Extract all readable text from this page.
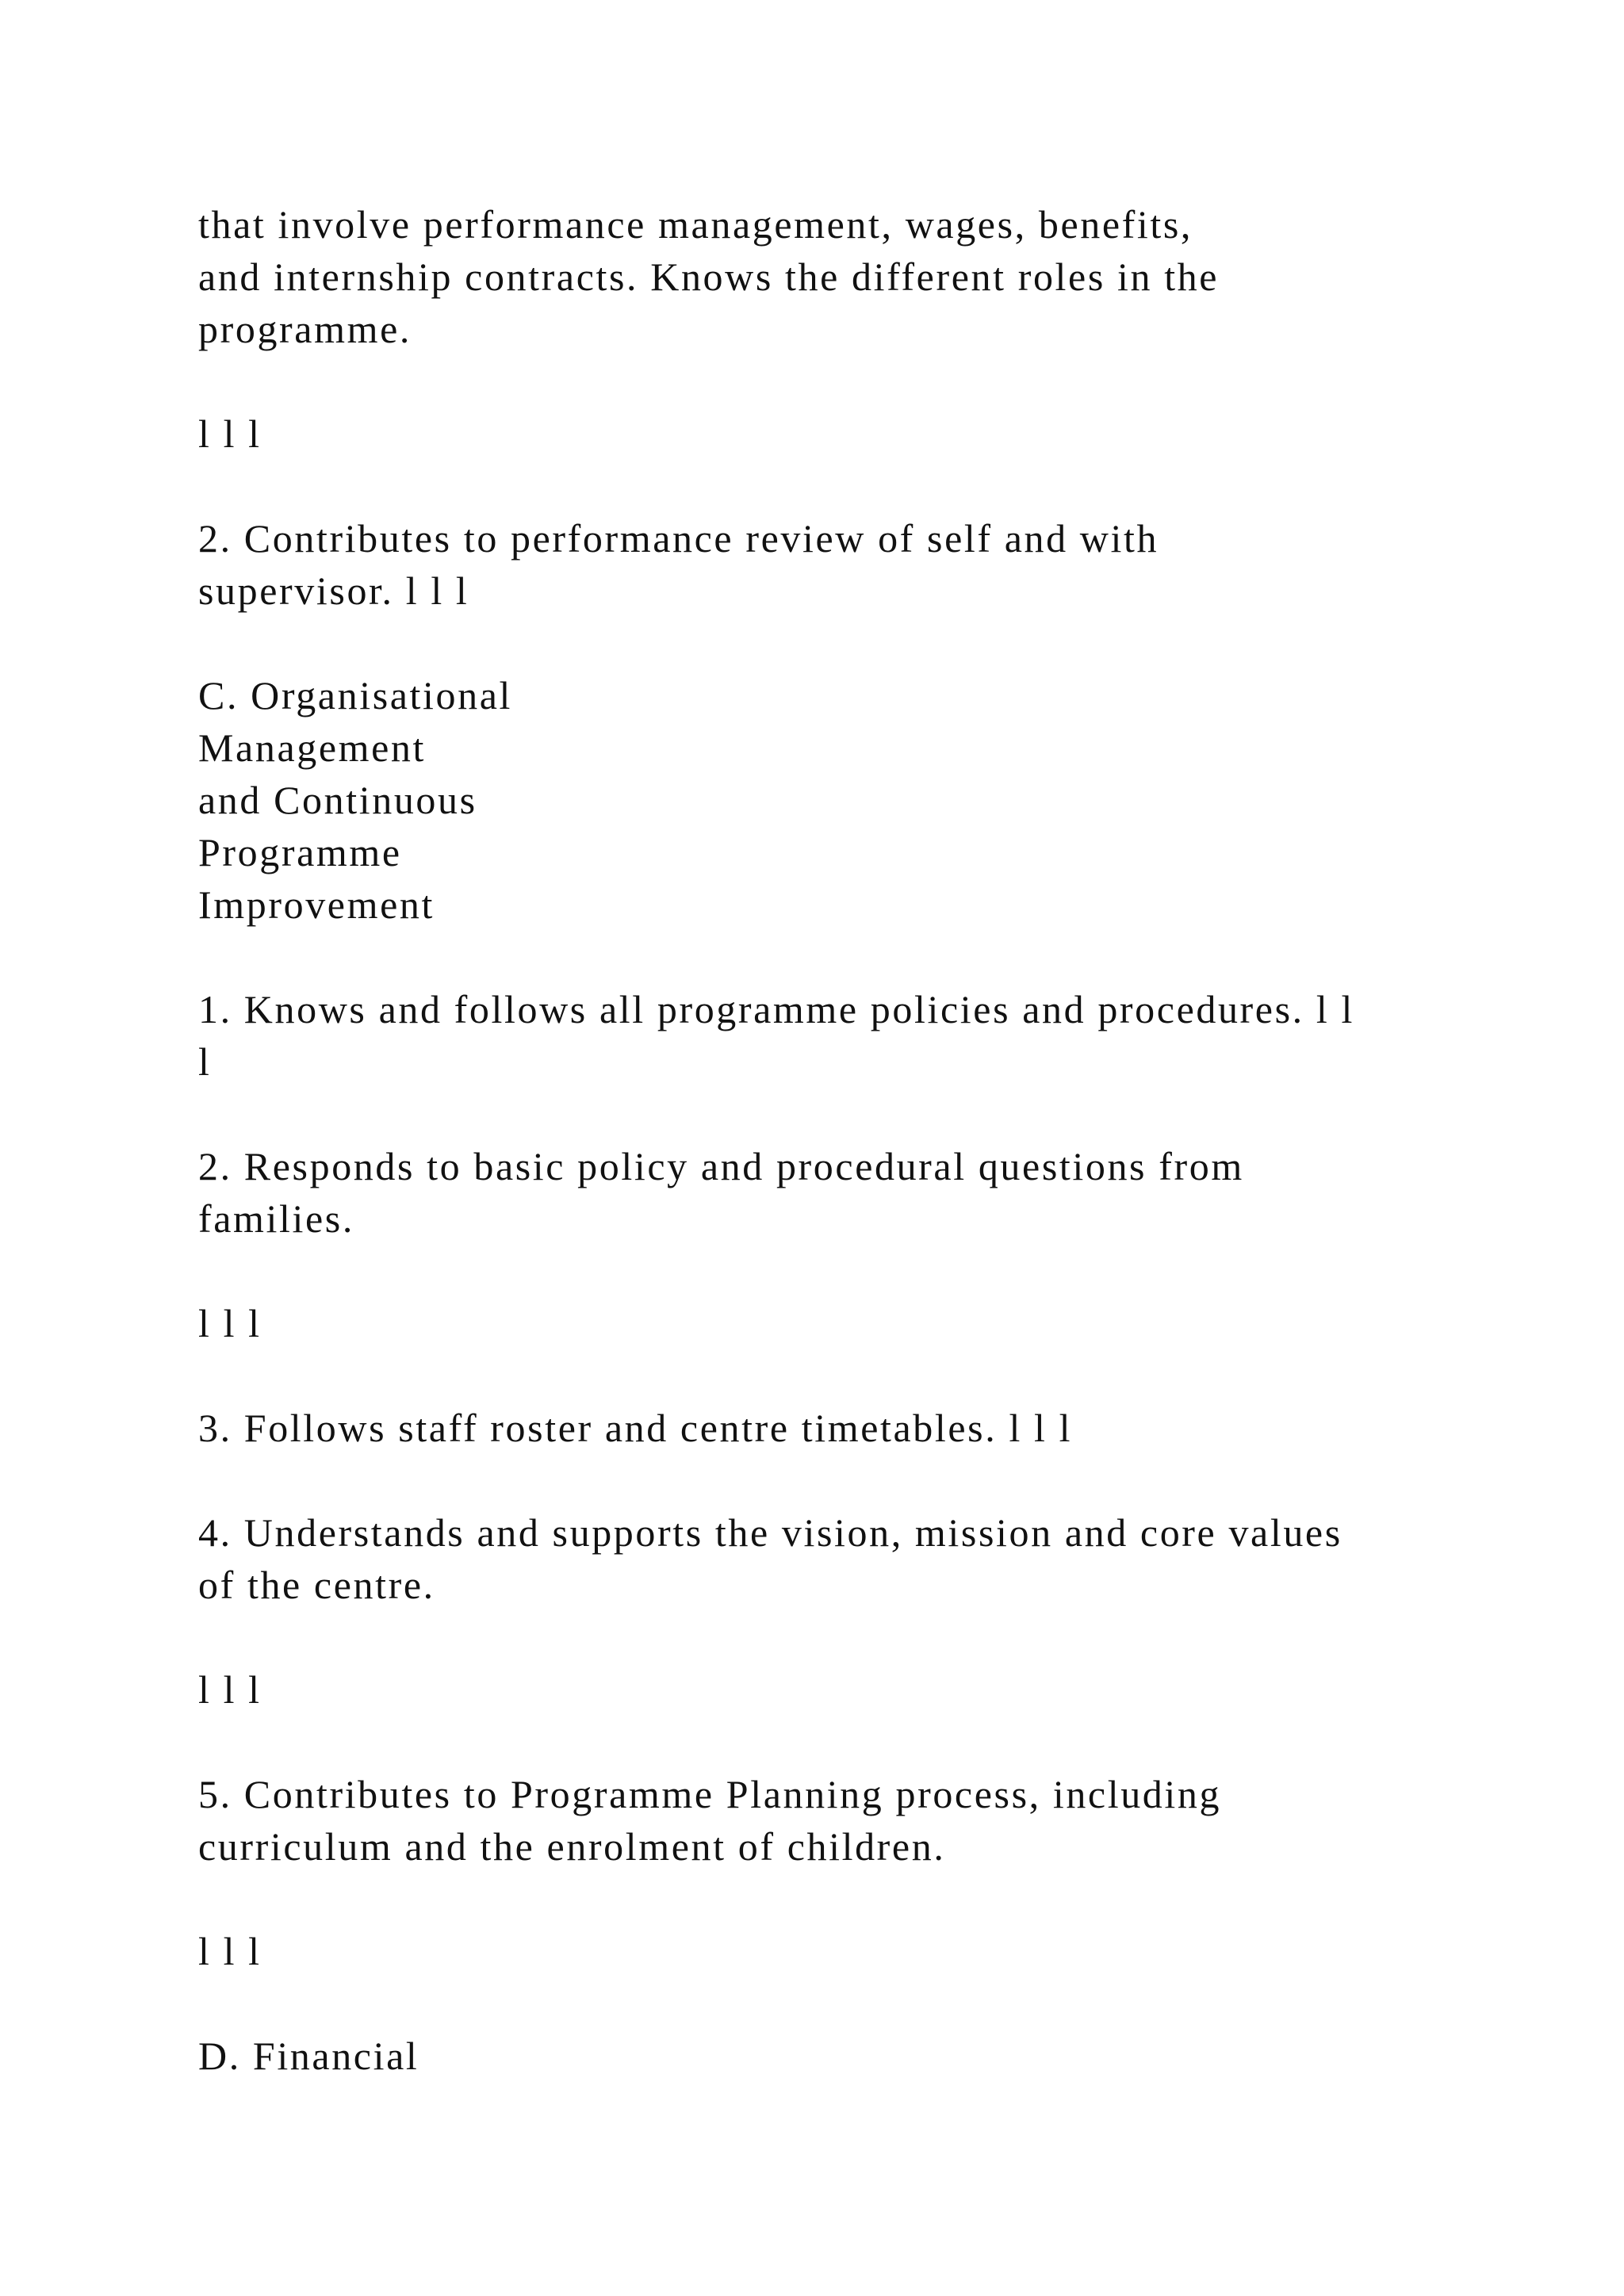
that involve performance management, wages, benefits,

and internship contracts. Knows the different roles in the

programme.

l l l

2. Contributes to performance review of self and with

supervisor. l l l

C. Organisational

Management

and Continuous

Programme

Improvement

1. Knows and follows all programme policies and procedures. l l

l

2. Responds to basic policy and procedural questions from

families.

l l l

3. Follows staff roster and centre timetables. l l l

4. Understands and supports the vision, mission and core values

of the centre.

l l l

5. Contributes to Programme Planning process, including

curriculum and the enrolment of children.

l l l

D. Financial
